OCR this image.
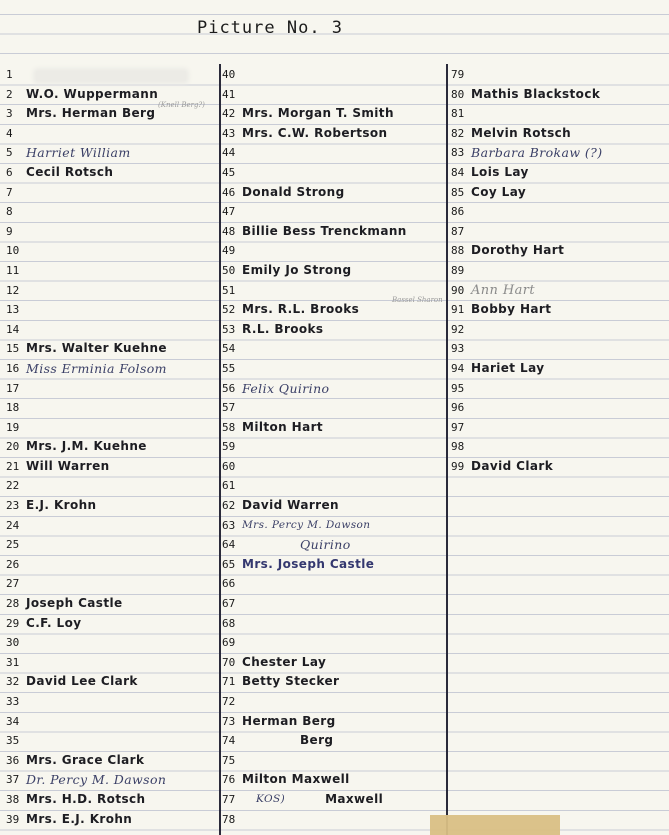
Picture No. 3
1
2 W.O. Wuppermann
3 Mrs. Herman Berg
(Knell Berg?)
4
5 Harriet William
6 Cecil Rotsch
7
8
9
10
11
12
13
14
15 Mrs. Walter Kuehne
16 Miss Erminia Folsom
17
18
19
20 Mrs. J.M. Kuehne
21 Will Warren
22
23 E.J. Krohn
24
25
26
27
28 Joseph Castle
29 C.F. Loy
30
31
32 David Lee Clark
33
34
35
36 Mrs. Grace Clark
37 Dr. Percy M. Dawson
38 Mrs. H.D. Rotsch
39 Mrs. E.J. Krohn
40
41
42 Mrs. Morgan T. Smith
43 Mrs. C.W. Robertson
44
45
46 Donald Strong
47
48 Billie Bess Trenckmann
49
50 Emily Jo Strong
51
52 Mrs. R.L. Brooks
Bassel Sharon
53 R.L. Brooks
54
55
56 Felix Quirino
57
58 Milton Hart
59
60
61
62 David Warren
63 Mrs. Percy M. Dawson
64	Quirino
65 Mrs. Joseph Castle
66
67
68
69
70 Chester Lay
71 Betty Stecker
72
73 Herman Berg
74	Berg
75
76 Milton Maxwell
77 KOS)	Maxwell
78
79
80 Mathis Blackstock
81
82 Melvin Rotsch
83 Barbara Brokaw (?)
84 Lois Lay
85 Coy Lay
86
87
88 Dorothy Hart
89
90 Ann Hart
91 Bobby Hart
92
93
94 Hariet Lay
95
96
97
98
99 David Clark
